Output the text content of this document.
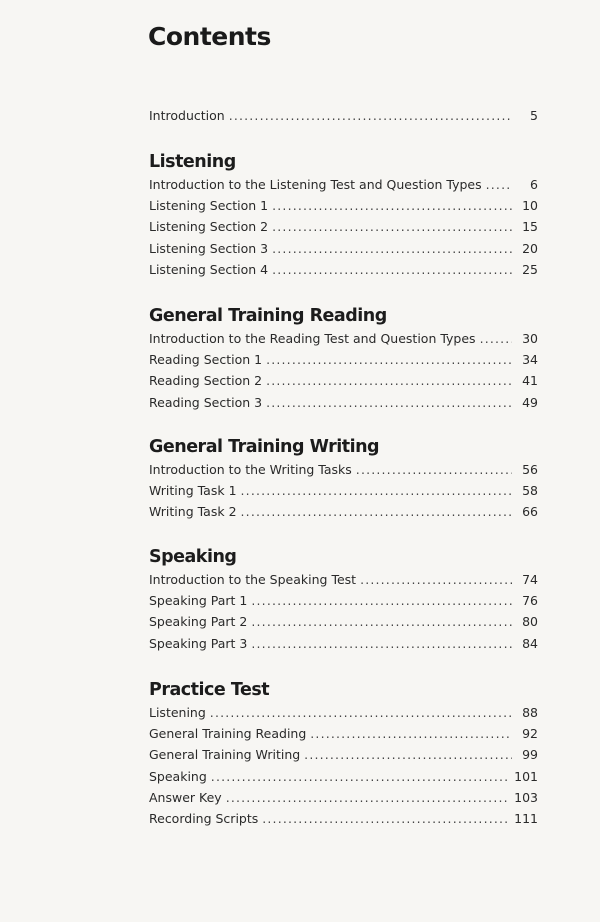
Contents
Introduction . . .	5
Listening
Introduction to the Listening Test and Question Types . . .	6
Listening Section 1 . . .	10
Listening Section 2 . . .	15
Listening Section 3 . . .	20
Listening Section 4 . . .	25
General Training Reading
Introduction to the Reading Test and Question Types . . .	30
Reading Section 1 . . .	34
Reading Section 2 . . .	41
Reading Section 3 . . .	49
General Training Writing
Introduction to the Writing Tasks . . .	56
Writing Task 1 . . .	58
Writing Task 2 . . .	66
Speaking
Introduction to the Speaking Test . . .	74
Speaking Part 1 . . .	76
Speaking Part 2 . . .	80
Speaking Part 3 . . .	84
Practice Test
Listening . . .	88
General Training Reading . . .	92
General Training Writing . . .	99
Speaking . . .	101
Answer Key . . .	103
Recording Scripts . . .	111
